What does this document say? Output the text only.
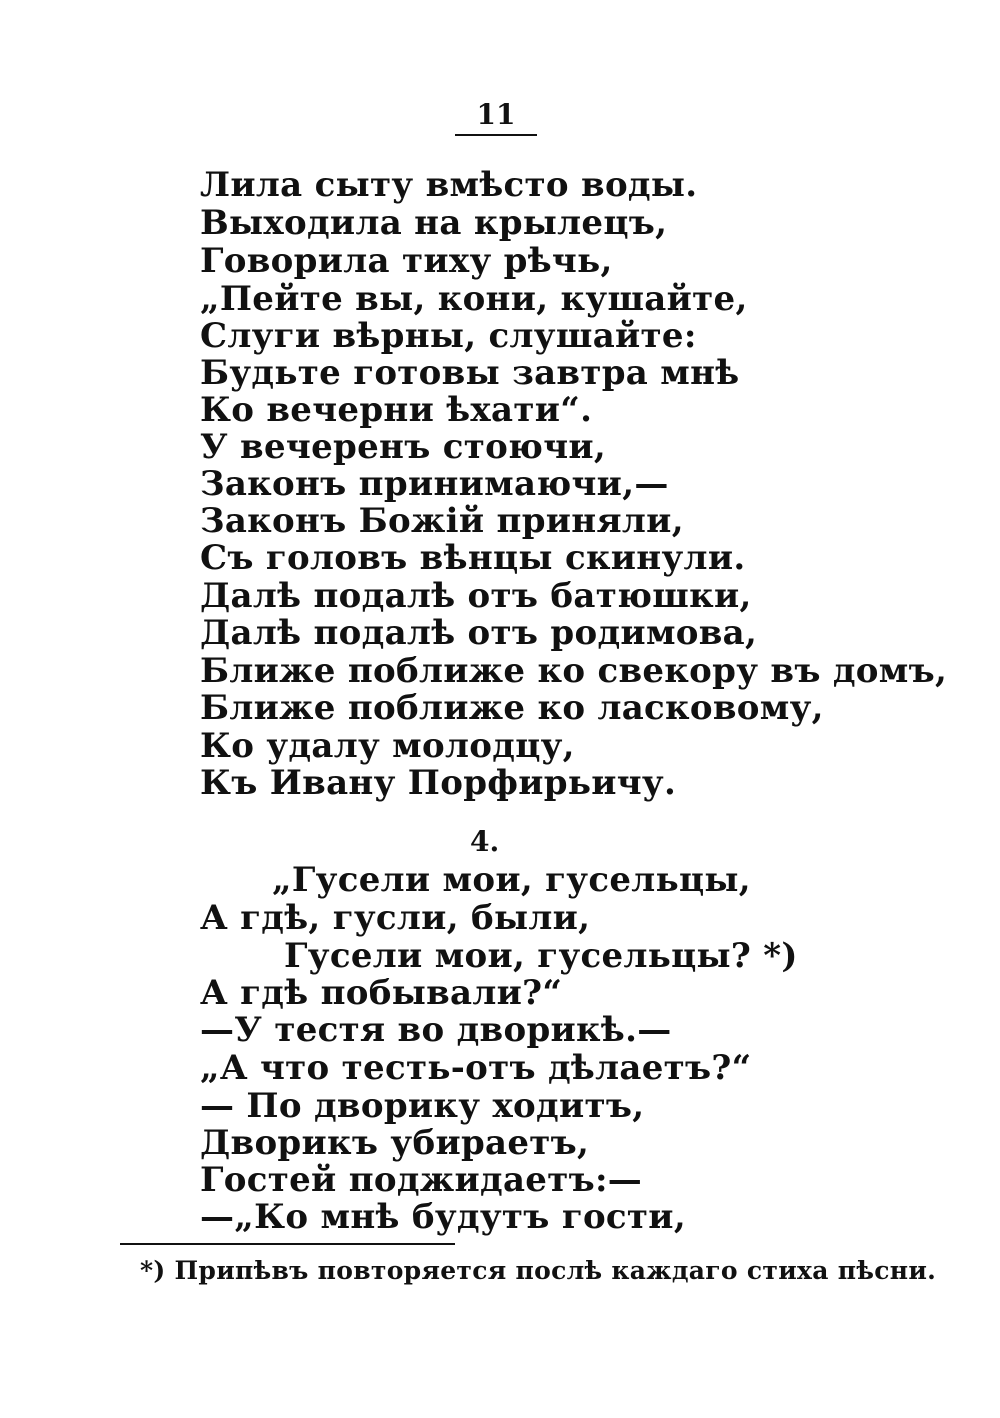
11
Лила сыту вмѣсто воды.
Выходила на крылецъ,
Говорила тиху рѣчь,
„Пейте вы, кони, кушайте,
Слуги вѣрны, слушайте:
Будьте готовы завтра мнѣ
Ко вечерни ѣхати“.
У вечеренъ стоючи,
Законъ принимаючи,—
Законъ Божій приняли,
Съ головъ вѣнцы скинули.
Далѣ подалѣ отъ батюшки,
Далѣ подалѣ отъ родимова,
Ближе поближе ко свекору въ домъ,
Ближе поближе ко ласковому,
Ко удалу молодцу,
Къ Ивану Порфирьичу.
4.
„Гусели мои, гусельцы,
А гдѣ, гусли, были,
Гусели мои, гусельцы? *)
А гдѣ побывали?“
—У тестя во дворикѣ.—
„А что тесть-отъ дѣлаетъ?“
— По дворику ходитъ,
Дворикъ убираетъ,
Гостей поджидаетъ:—
—„Ко мнѣ будутъ гости,
*) Припѣвъ повторяется послѣ каждаго стиха пѣсни.
